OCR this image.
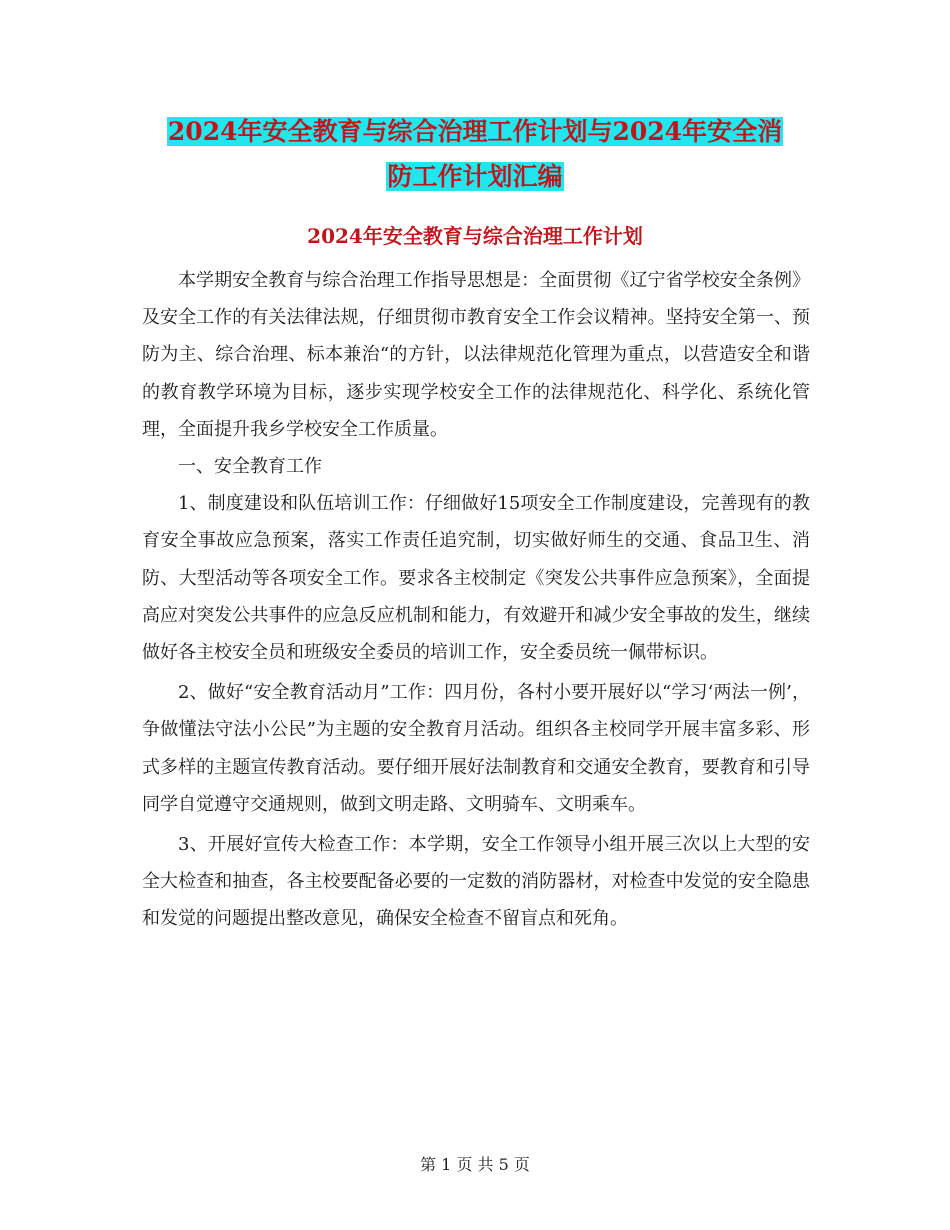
2024年安全教育与综合治理工作计划与2024年安全消
防工作计划汇编
2024年安全教育与综合治理工作计划

本学期安全教育与综合治理工作指导思想是：全面贯彻《辽宁省学校安全条例》及安全工作的有关法律法规，仔细贯彻市教育安全工作会议精神。坚持安全第一、预防为主、综合治理、标本兼治“的方针，以法律规范化管理为重点，以营造安全和谐的教育教学环境为目标，逐步实现学校安全工作的法律规范化、科学化、系统化管理，全面提升我乡学校安全工作质量。

一、安全教育工作

1、制度建设和队伍培训工作：仔细做好15项安全工作制度建设，完善现有的教育安全事故应急预案，落实工作责任追究制，切实做好师生的交通、食品卫生、消防、大型活动等各项安全工作。要求各主校制定《突发公共事件应急预案》，全面提高应对突发公共事件的应急反应机制和能力，有效避开和减少安全事故的发生，继续做好各主校安全员和班级安全委员的培训工作，安全委员统一佩带标识。

2、做好“安全教育活动月”工作：四月份，各村小要开展好以“学习‘两法一例’，争做懂法守法小公民”为主题的安全教育月活动。组织各主校同学开展丰富多彩、形式多样的主题宣传教育活动。要仔细开展好法制教育和交通安全教育，要教育和引导同学自觉遵守交通规则，做到文明走路、文明骑车、文明乘车。

3、开展好宣传大检查工作：本学期，安全工作领导小组开展三次以上大型的安全大检查和抽查，各主校要配备必要的一定数的消防器材，对检查中发觉的安全隐患和发觉的问题提出整改意见，确保安全检查不留盲点和死角。

第 1 页 共 5 页
